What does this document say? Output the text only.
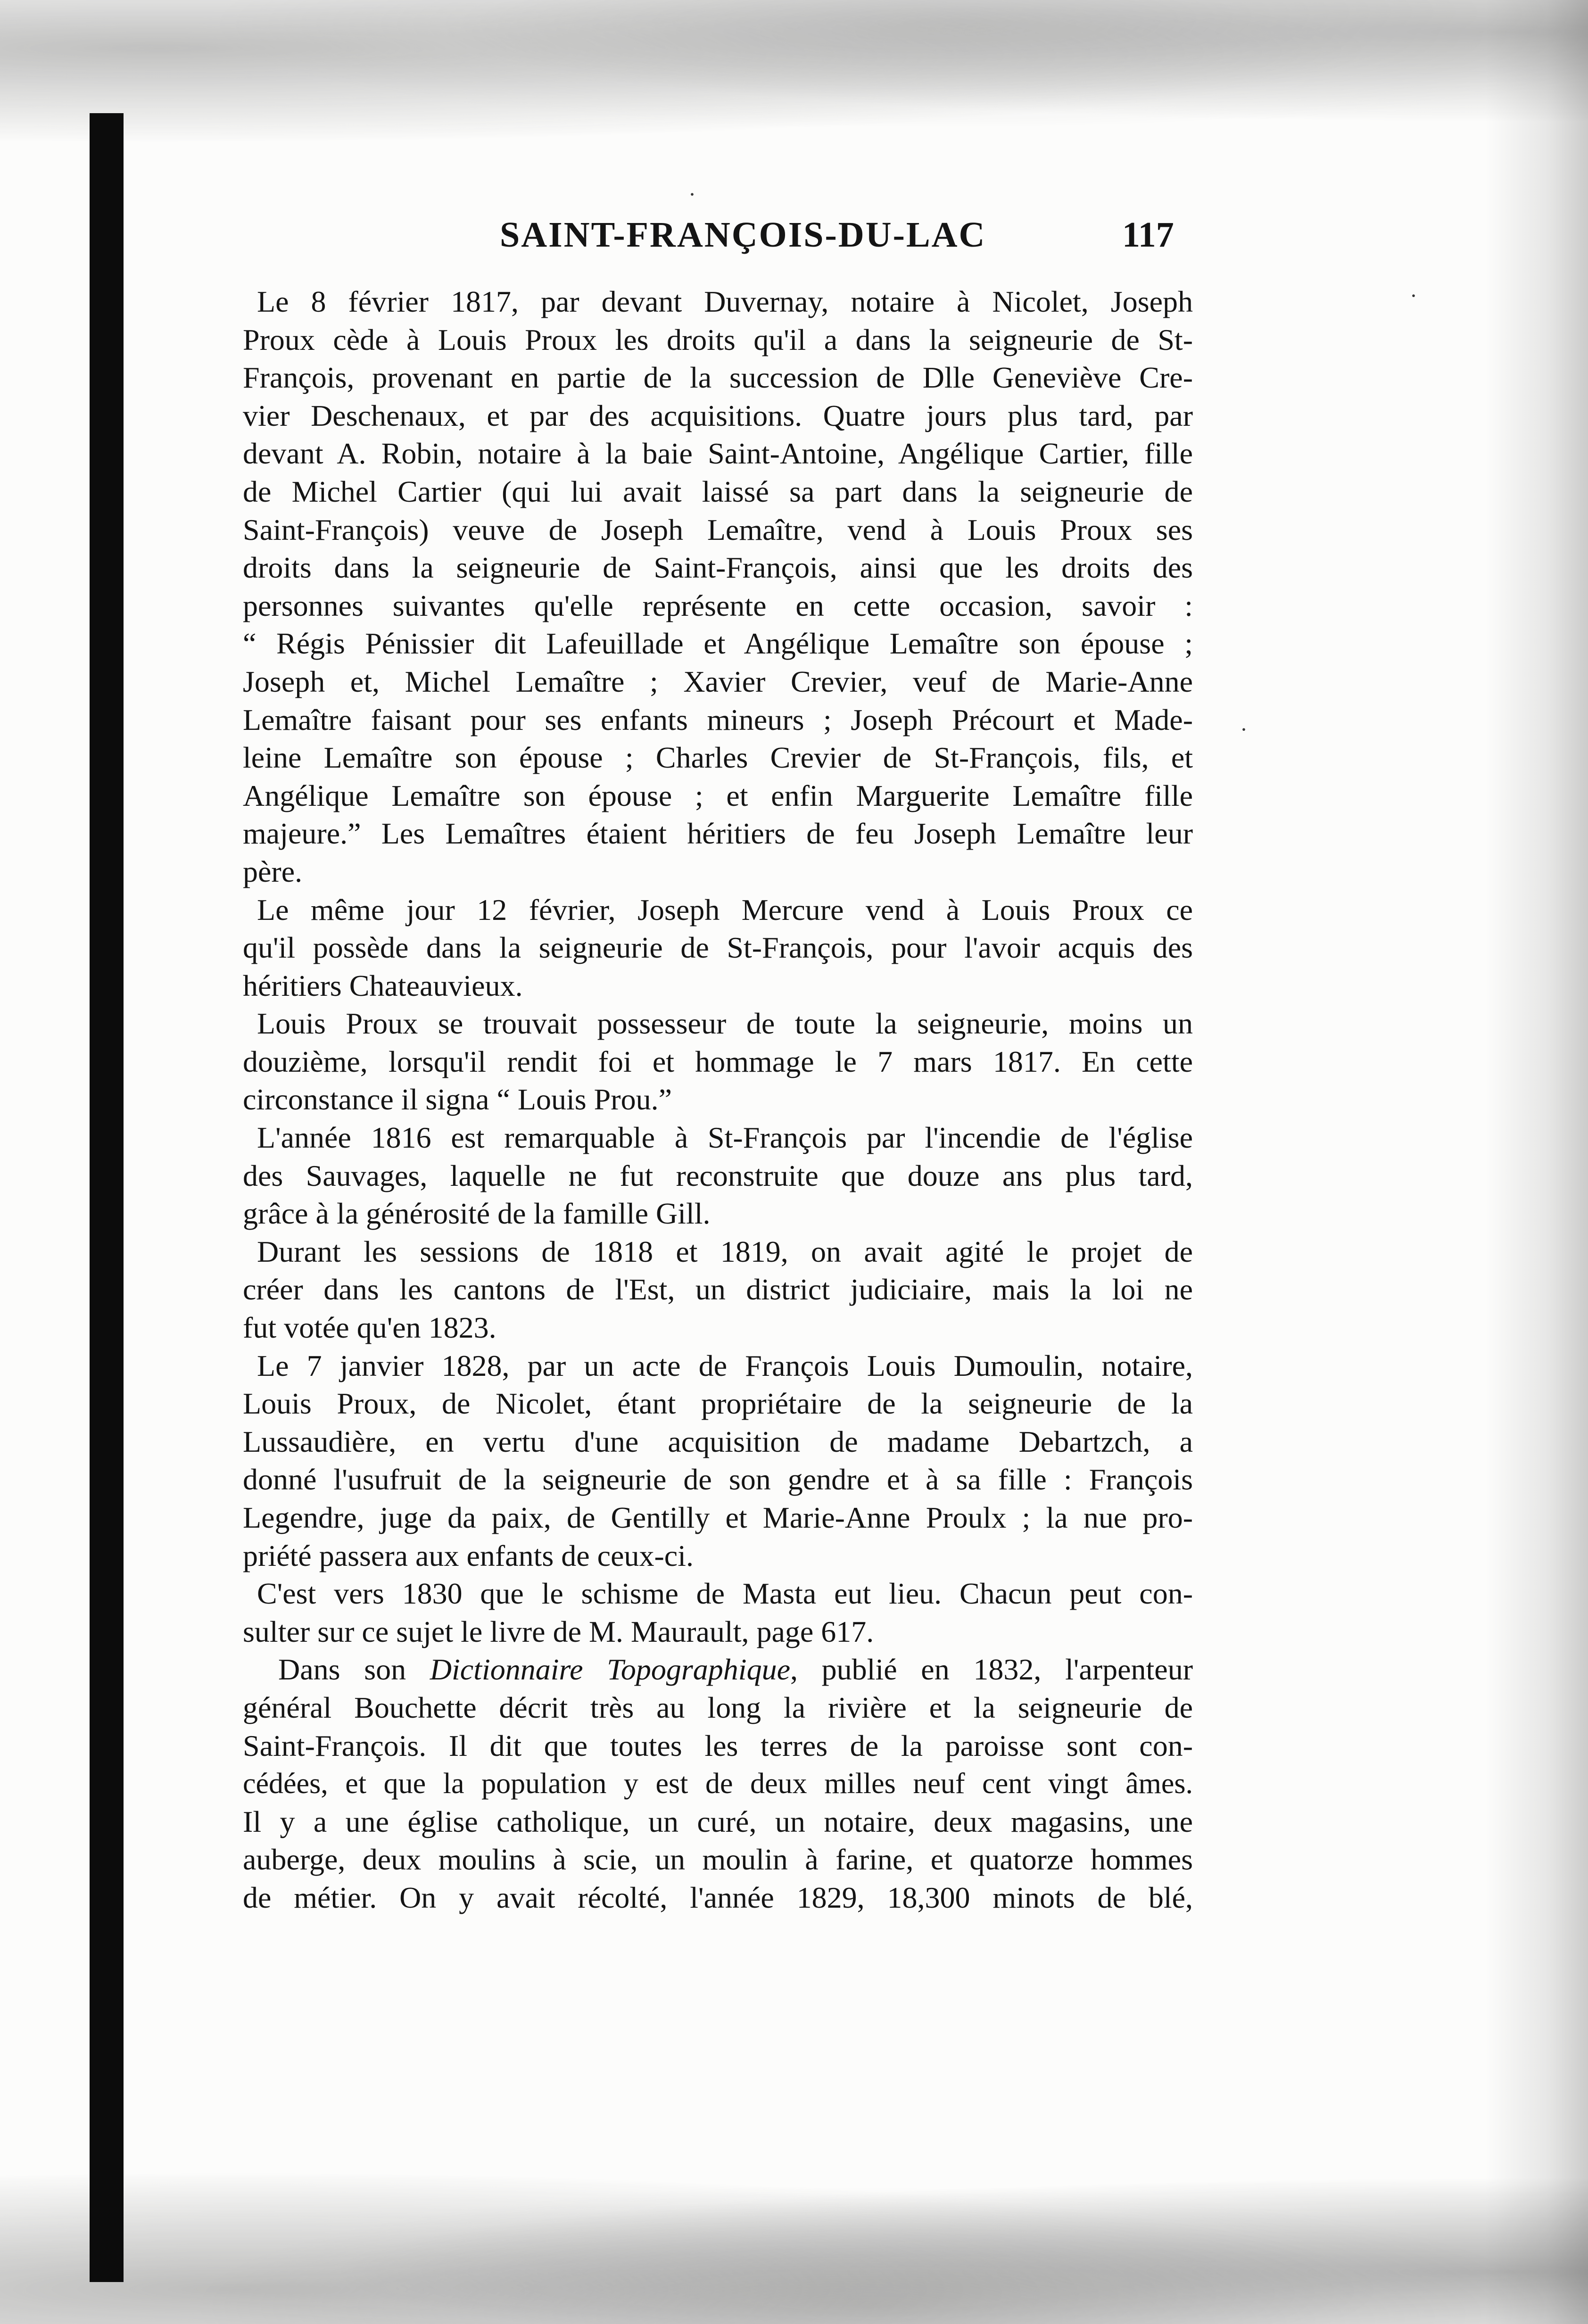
·
·
·
SAINT-FRANÇOIS-DU-LAC	117
Le 8 février 1817, par devant Duvernay, notaire à Nicolet, Joseph
Proux cède à Louis Proux les droits qu'il a dans la seigneurie de St-
François, provenant en partie de la succession de Dlle Geneviève Cre-
vier Deschenaux, et par des acquisitions. Quatre jours plus tard, par
devant A. Robin, notaire à la baie Saint-Antoine, Angélique Cartier, fille
de Michel Cartier (qui lui avait laissé sa part dans la seigneurie de
Saint-François) veuve de Joseph Lemaître, vend à Louis Proux ses
droits dans la seigneurie de Saint-François, ainsi que les droits des
personnes suivantes qu'elle représente en cette occasion, savoir :
“ Régis Pénissier dit Lafeuillade et Angélique Lemaître son épouse ;
Joseph et, Michel Lemaître ; Xavier Crevier, veuf de Marie-Anne
Lemaître faisant pour ses enfants mineurs ; Joseph Précourt et Made-
leine Lemaître son épouse ; Charles Crevier de St-François, fils, et
Angélique Lemaître son épouse ; et enfin Marguerite Lemaître fille
majeure.” Les Lemaîtres étaient héritiers de feu Joseph Lemaître leur
père.
Le même jour 12 février, Joseph Mercure vend à Louis Proux ce
qu'il possède dans la seigneurie de St-François, pour l'avoir acquis des
héritiers Chateauvieux.
Louis Proux se trouvait possesseur de toute la seigneurie, moins un
douzième, lorsqu'il rendit foi et hommage le 7 mars 1817. En cette
circonstance il signa “ Louis Prou.”
L'année 1816 est remarquable à St-François par l'incendie de l'église
des Sauvages, laquelle ne fut reconstruite que douze ans plus tard,
grâce à la générosité de la famille Gill.
Durant les sessions de 1818 et 1819, on avait agité le projet de
créer dans les cantons de l'Est, un district judiciaire, mais la loi ne
fut votée qu'en 1823.
Le 7 janvier 1828, par un acte de François Louis Dumoulin, notaire,
Louis Proux, de Nicolet, étant propriétaire de la seigneurie de la
Lussaudière, en vertu d'une acquisition de madame Debartzch, a
donné l'usufruit de la seigneurie de son gendre et à sa fille : François
Legendre, juge da paix, de Gentilly et Marie-Anne Proulx ; la nue pro-
priété passera aux enfants de ceux-ci.
C'est vers 1830 que le schisme de Masta eut lieu. Chacun peut con-
sulter sur ce sujet le livre de M. Maurault, page 617.
Dans son Dictionnaire Topographique, publié en 1832, l'arpenteur
général Bouchette décrit très au long la rivière et la seigneurie de
Saint-François. Il dit que toutes les terres de la paroisse sont con-
cédées, et que la population y est de deux milles neuf cent vingt âmes.
Il y a une église catholique, un curé, un notaire, deux magasins, une
auberge, deux moulins à scie, un moulin à farine, et quatorze hommes
de métier. On y avait récolté, l'année 1829, 18,300 minots de blé,
